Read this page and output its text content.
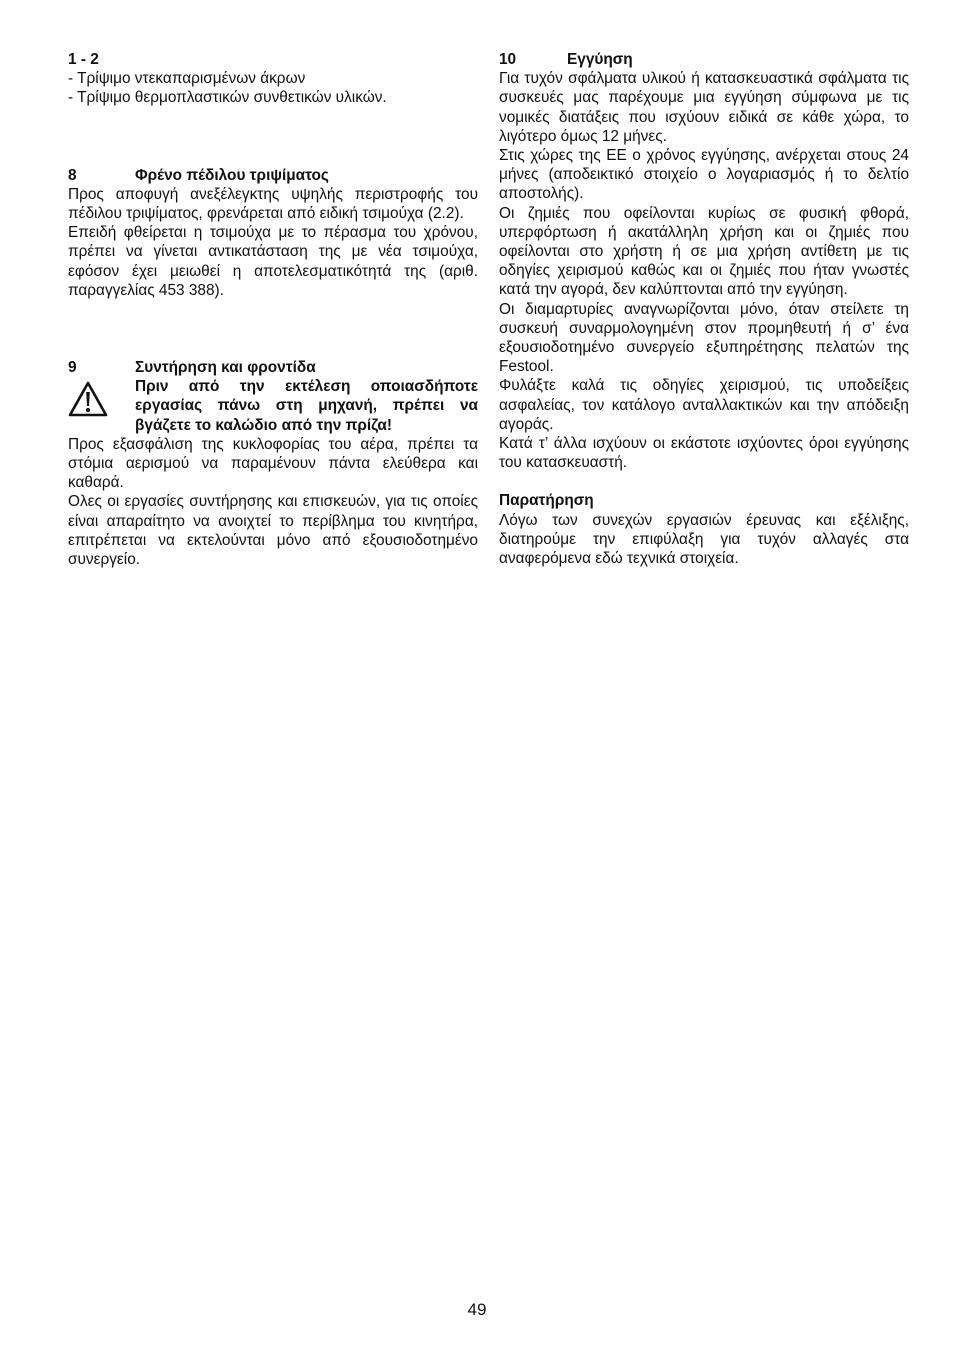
1 - 2

- Τρίψιμο ντεκαπαρισμένων άκρων

- Τρίψιμο θερμοπλαστικών συνθετικών υλικών.

8	Φρένο πέδιλου τριψίματος

Προς αποφυγή ανεξέλεγκτης υψηλής περιστροφής του πέδιλου τριψίματος, φρενάρεται από ειδική τσιμούχα (2.2).

Επειδή φθείρεται η τσιμούχα με το πέρασμα του χρόνου, πρέπει να γίνεται αντικατάσταση της με νέα τσιμούχα, εφόσον έχει μειωθεί η αποτελεσματικότητά της (αριθ. παραγγελίας 453 388).

9	Συντήρηση και φροντίδα

Πριν από την εκτέλεση οποιασδήποτε εργασίας πάνω στη μηχανή, πρέπει να βγάζετε το καλώδιο από την πρίζα!

Προς εξασφάλιση της κυκλοφορίας του αέρα, πρέπει τα στόμια αερισμού να παραμένουν πάντα ελεύθερα και καθαρά.

Ολες οι εργασίες συντήρησης και επισκευών, για τις οποίες είναι απαραίτητο να ανοιχτεί το περίβλημα του κινητήρα, επιτρέπεται να εκτελούνται μόνο από εξουσιοδοτημένο συνεργείο.

10	Εγγύηση

Για τυχόν σφάλματα υλικού ή κατασκευαστικά σφάλματα τις συσκευές μας παρέχουμε μια εγγύηση σύμφωνα με τις νομικές διατάξεις που ισχύουν ειδικά σε κάθε χώρα, το λιγότερο όμως 12 μήνες.

Στις χώρες της ΕΕ ο χρόνος εγγύησης, ανέρχεται στους 24 μήνες (αποδεικτικό στοιχείο ο λογαριασμός ή το δελτίο αποστολής).

Οι ζημιές που οφείλονται κυρίως σε φυσική φθορά, υπερφόρτωση ή ακατάλληλη χρήση και οι ζημιές που οφείλονται στο χρήστη ή σε μια χρήση αντίθετη με τις οδηγίες χειρισμού καθώς και οι ζημιές που ήταν γνωστές κατά την αγορά, δεν καλύπτονται από την εγγύηση.

Οι διαμαρτυρίες αναγνωρίζονται μόνο, όταν στείλετε τη συσκευή συναρμολογημένη στον προμηθευτή ή σ’ ένα εξουσιοδοτημένο συνεργείο εξυπηρέτησης πελατών της Festool.

Φυλάξτε καλά τις οδηγίες χειρισμού, τις υποδείξεις ασφαλείας, τον κατάλογο ανταλλακτικών και την απόδειξη αγοράς.

Κατά τ’ άλλα ισχύουν οι εκάστοτε ισχύοντες όροι εγγύησης του κατασκευαστή.

Παρατήρηση

Λόγω των συνεχών εργασιών έρευνας και εξέλιξης, διατηρούμε την επιφύλαξη για τυχόν αλλαγές στα αναφερόμενα εδώ τεχνικά στοιχεία.

49
